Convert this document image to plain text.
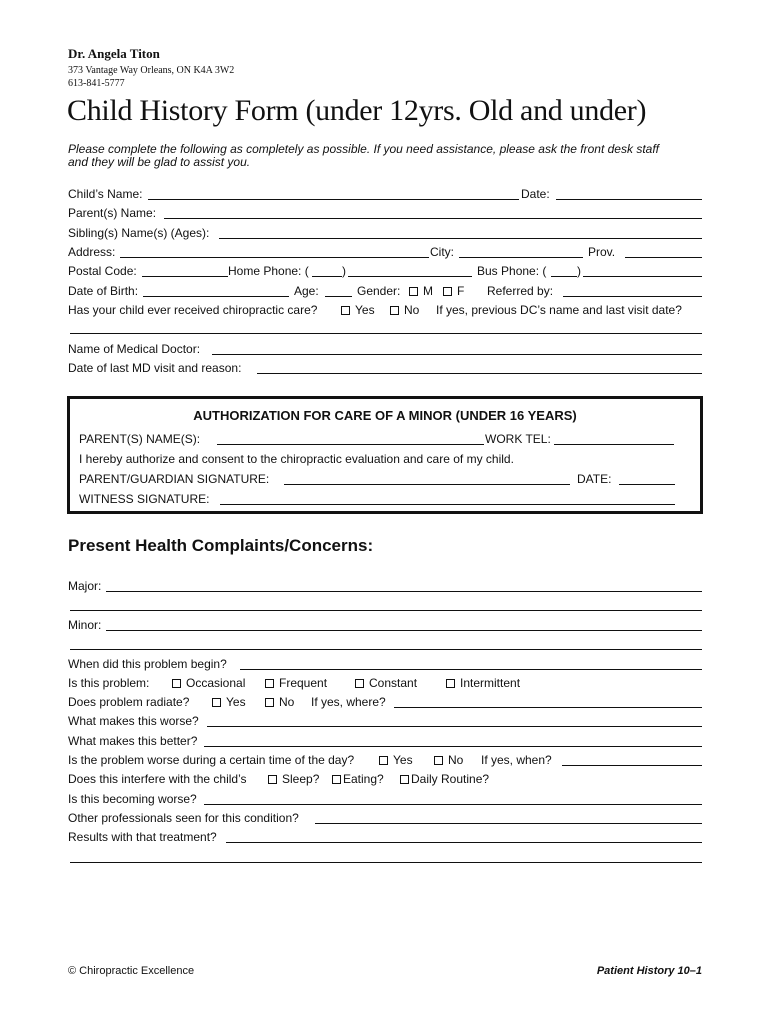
Dr. Angela Titon
373 Vantage Way Orleans, ON K4A 3W2
613-841-5777
Child History Form (under 12yrs. Old and under)
Please complete the following as completely as possible. If you need assistance, please ask the front desk staff
and they will be glad to assist you.
Child’s Name:	Date:
Parent(s) Name:
Sibling(s) Name(s) (Ages):
Address:	City:	Prov.
Postal Code:	Home Phone: (	)	Bus Phone: (	)
Date of Birth:	Age:	Gender:	M	F Referred by:
Has your child ever received chiropractic care?	Yes	No If yes, previous DC’s name and last visit date?
Name of Medical Doctor:
Date of last MD visit and reason:
AUTHORIZATION FOR CARE OF A MINOR (UNDER 16 YEARS)
PARENT(S) NAME(S):	WORK TEL:
I hereby authorize and consent to the chiropractic evaluation and care of my child.
PARENT/GUARDIAN SIGNATURE:	DATE:
WITNESS SIGNATURE:
Present Health Complaints/Concerns:
Major:
Minor:
When did this problem begin?
Is this problem:	Occasional	Frequent	Constant	Intermittent
Does problem radiate?	Yes	No If yes, where?
What makes this worse?
What makes this better?
Is the problem worse during a certain time of the day?	Yes	No If yes, when?
Does this interfere with the child’s	Sleep?	Eating?	Daily Routine?
Is this becoming worse?
Other professionals seen for this condition?
Results with that treatment?
© Chiropractic Excellence	Patient History 10–1
